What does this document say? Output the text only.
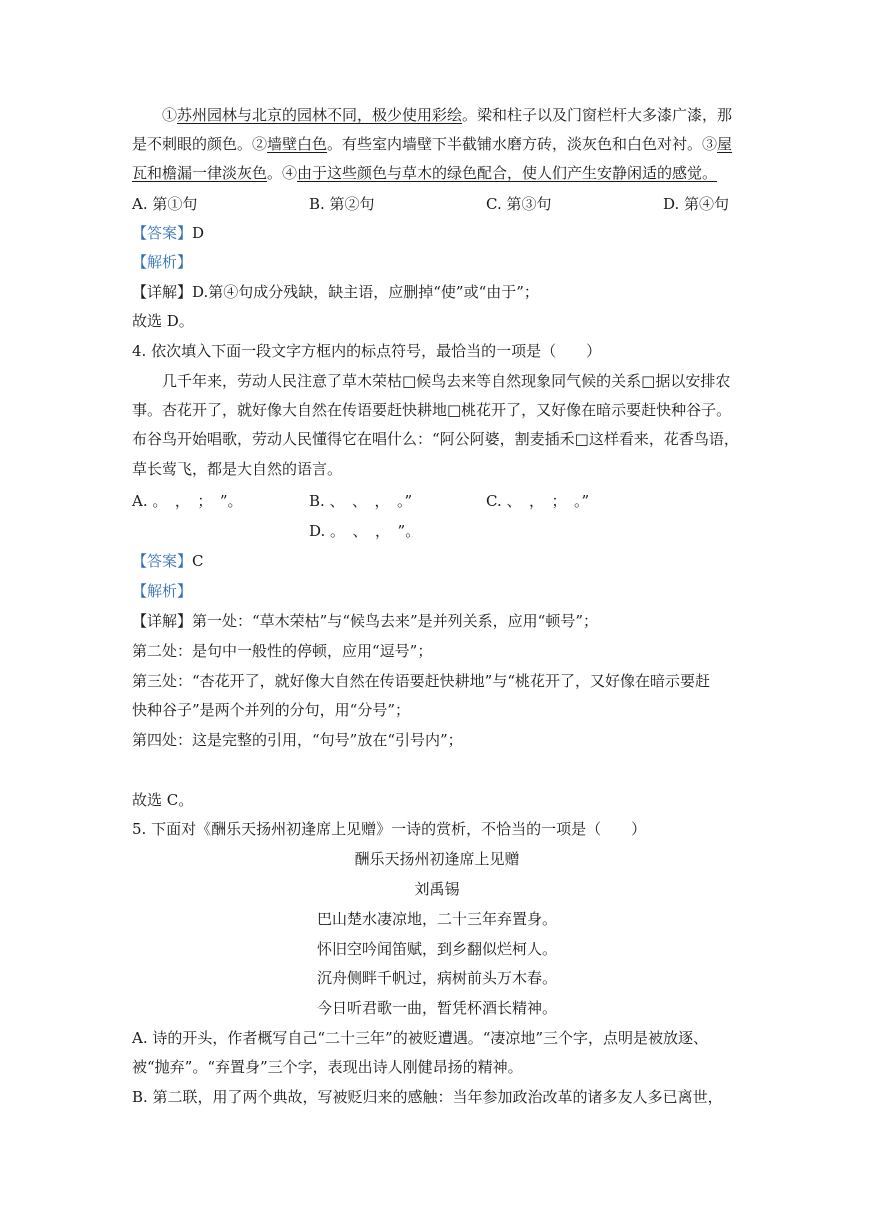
①苏州园林与北京的园林不同，极少使用彩绘。梁和柱子以及门窗栏杆大多漆广漆，那
是不刺眼的颜色。②墙壁白色。有些室内墙壁下半截铺水磨方砖，淡灰色和白色对衬。③屋
瓦和檐漏一律淡灰色。④由于这些颜色与草木的绿色配合，使人们产生安静闲适的感觉。
A. 第①句	B. 第②句	C. 第③句	D. 第④句
【答案】D
【解析】
【详解】D.第④句成分残缺，缺主语，应删掉“使”或“由于”；
故选 D。
4. 依次填入下面一段文字方框内的标点符号，最恰当的一项是（　　）
几千年来，劳动人民注意了草木荣枯□候鸟去来等自然现象同气候的关系□据以安排农
事。杏花开了，就好像大自然在传语要赶快耕地□桃花开了，又好像在暗示要赶快种谷子。
布谷鸟开始唱歌，劳动人民懂得它在唱什么：“阿公阿婆，割麦插禾□这样看来，花香鸟语，
草长莺飞，都是大自然的语言。
A. 。　，　；　”。	B. 、　、　，　。”	C. 、　，　；　。”
D. 。　、　，　”。
【答案】C
【解析】
【详解】第一处：“草木荣枯”与“候鸟去来”是并列关系，应用“顿号”；
第二处：是句中一般性的停顿，应用“逗号”；
第三处：“杏花开了，就好像大自然在传语要赶快耕地”与“桃花开了，又好像在暗示要赶
快种谷子”是两个并列的分句，用“分号”；
第四处：这是完整的引用，“句号”放在“引号内”；
故选 C。
5. 下面对《酬乐天扬州初逢席上见赠》一诗的赏析，不恰当的一项是（　　）
酬乐天扬州初逢席上见赠
刘禹锡
巴山楚水凄凉地，二十三年弃置身。
怀旧空吟闻笛赋，到乡翻似烂柯人。
沉舟侧畔千帆过，病树前头万木春。
今日听君歌一曲，暂凭杯酒长精神。
A. 诗的开头，作者概写自己“二十三年”的被贬遭遇。“凄凉地”三个字，点明是被放逐、
被“抛弃”。“弃置身”三个字，表现出诗人刚健昂扬的精神。
B. 第二联，用了两个典故，写被贬归来的感触：当年参加政治改革的诸多友人多已离世，
